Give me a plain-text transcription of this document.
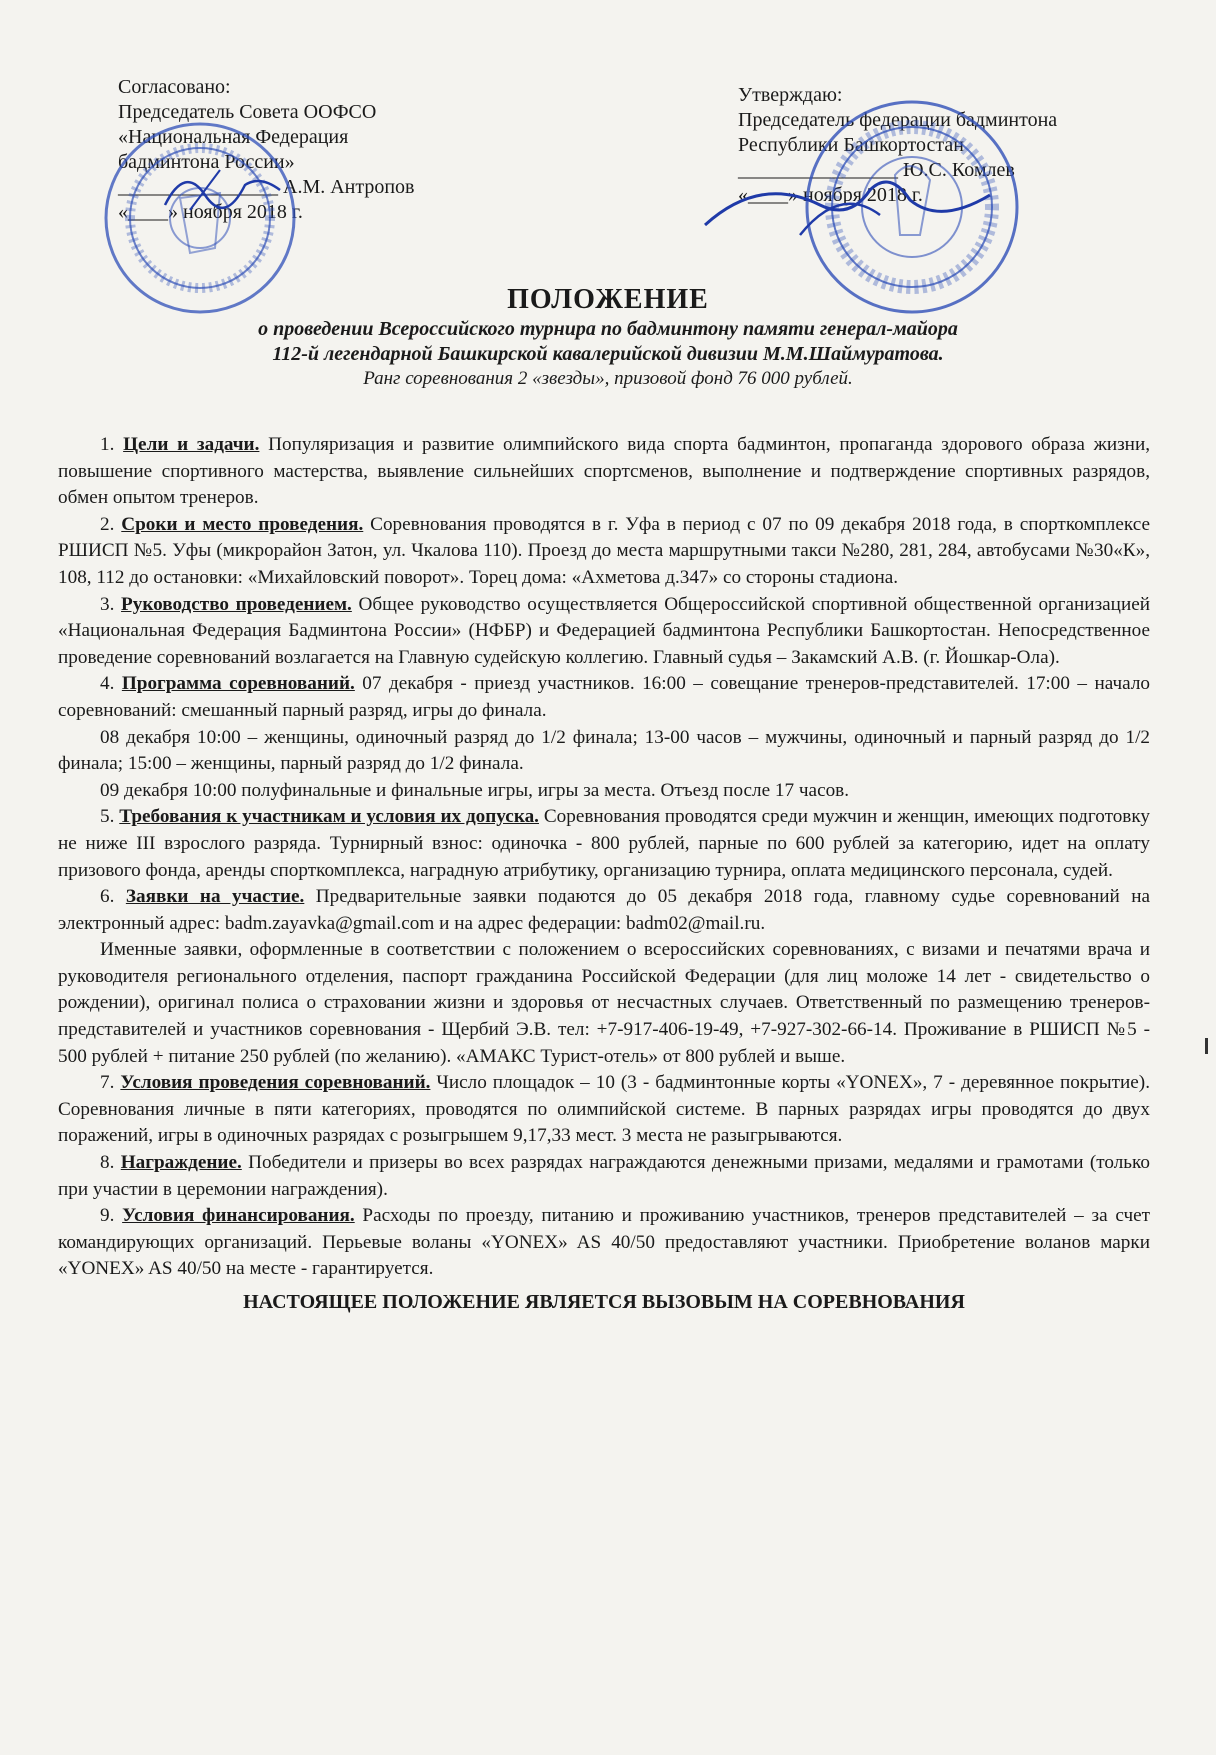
Согласовано:
Председатель Совета ООФСО
«Национальная Федерация
бадминтона России»
________________ А.М. Антропов
«____» ноября 2018 г.
Утверждаю:
Председатель федерации бадминтона
Республики Башкортостан
________________ Ю.С. Комлев
«____» ноября 2018 г.
ПОЛОЖЕНИЕ
о проведении Всероссийского турнира по бадминтону памяти генерал-майора
112-й легендарной Башкирской кавалерийской дивизии М.М.Шаймуратова.
Ранг соревнования 2 «звезды», призовой фонд 76 000 рублей.

1. Цели и задачи. Популяризация и развитие олимпийского вида спорта бадминтон, пропаганда здорового образа жизни, повышение спортивного мастерства, выявление сильнейших спортсменов, выполнение и подтверждение спортивных разрядов, обмен опытом тренеров.

2. Сроки и место проведения. Соревнования проводятся в г. Уфа в период с 07 по 09 декабря 2018 года, в спорткомплексе РШИСП №5. Уфы (микрорайон Затон, ул. Чкалова 110). Проезд до места маршрутными такси №280, 281, 284, автобусами №30«К», 108, 112 до остановки: «Михайловский поворот». Торец дома: «Ахметова д.347» со стороны стадиона.

3. Руководство проведением. Общее руководство осуществляется Общероссийской спортивной общественной организацией «Национальная Федерация Бадминтона России» (НФБР) и Федерацией бадминтона Республики Башкортостан. Непосредственное проведение соревнований возлагается на Главную судейскую коллегию. Главный судья – Закамский А.В. (г. Йошкар-Ола).

4. Программа соревнований. 07 декабря - приезд участников. 16:00 – совещание тренеров-представителей. 17:00 – начало соревнований: смешанный парный разряд, игры до финала.

08 декабря 10:00 – женщины, одиночный разряд до 1/2 финала; 13-00 часов – мужчины, одиночный и парный разряд до 1/2 финала; 15:00 – женщины, парный разряд до 1/2 финала.

09 декабря 10:00 полуфинальные и финальные игры, игры за места. Отъезд после 17 часов.

5. Требования к участникам и условия их допуска. Соревнования проводятся среди мужчин и женщин, имеющих подготовку не ниже III взрослого разряда. Турнирный взнос: одиночка - 800 рублей, парные по 600 рублей за категорию, идет на оплату призового фонда, аренды спорткомплекса, наградную атрибутику, организацию турнира, оплата медицинского персонала, судей.

6. Заявки на участие. Предварительные заявки подаются до 05 декабря 2018 года, главному судье соревнований на электронный адрес: badm.zayavka@gmail.com и на адрес федерации: badm02@mail.ru.

Именные заявки, оформленные в соответствии с положением о всероссийских соревнованиях, с визами и печатями врача и руководителя регионального отделения, паспорт гражданина Российской Федерации (для лиц моложе 14 лет - свидетельство о рождении), оригинал полиса о страховании жизни и здоровья от несчастных случаев. Ответственный по размещению тренеров-представителей и участников соревнования - Щербий Э.В. тел: +7-917-406-19-49, +7-927-302-66-14. Проживание в РШИСП №5 - 500 рублей + питание 250 рублей (по желанию). «АМАКС Турист-отель» от 800 рублей и выше.

7. Условия проведения соревнований. Число площадок – 10 (3 - бадминтонные корты «YONEX», 7 - деревянное покрытие). Соревнования личные в пяти категориях, проводятся по олимпийской системе. В парных разрядах игры проводятся до двух поражений, игры в одиночных разрядах с розыгрышем 9,17,33 мест. 3 места не разыгрываются.

8. Награждение. Победители и призеры во всех разрядах награждаются денежными призами, медалями и грамотами (только при участии в церемонии награждения).

9. Условия финансирования. Расходы по проезду, питанию и проживанию участников, тренеров представителей – за счет командирующих организаций. Перьевые воланы «YONEX» AS 40/50 предоставляют участники. Приобретение воланов марки «YONEX» AS 40/50 на месте - гарантируется.

НАСТОЯЩЕЕ ПОЛОЖЕНИЕ ЯВЛЯЕТСЯ ВЫЗОВЫМ НА СОРЕВНОВАНИЯ
